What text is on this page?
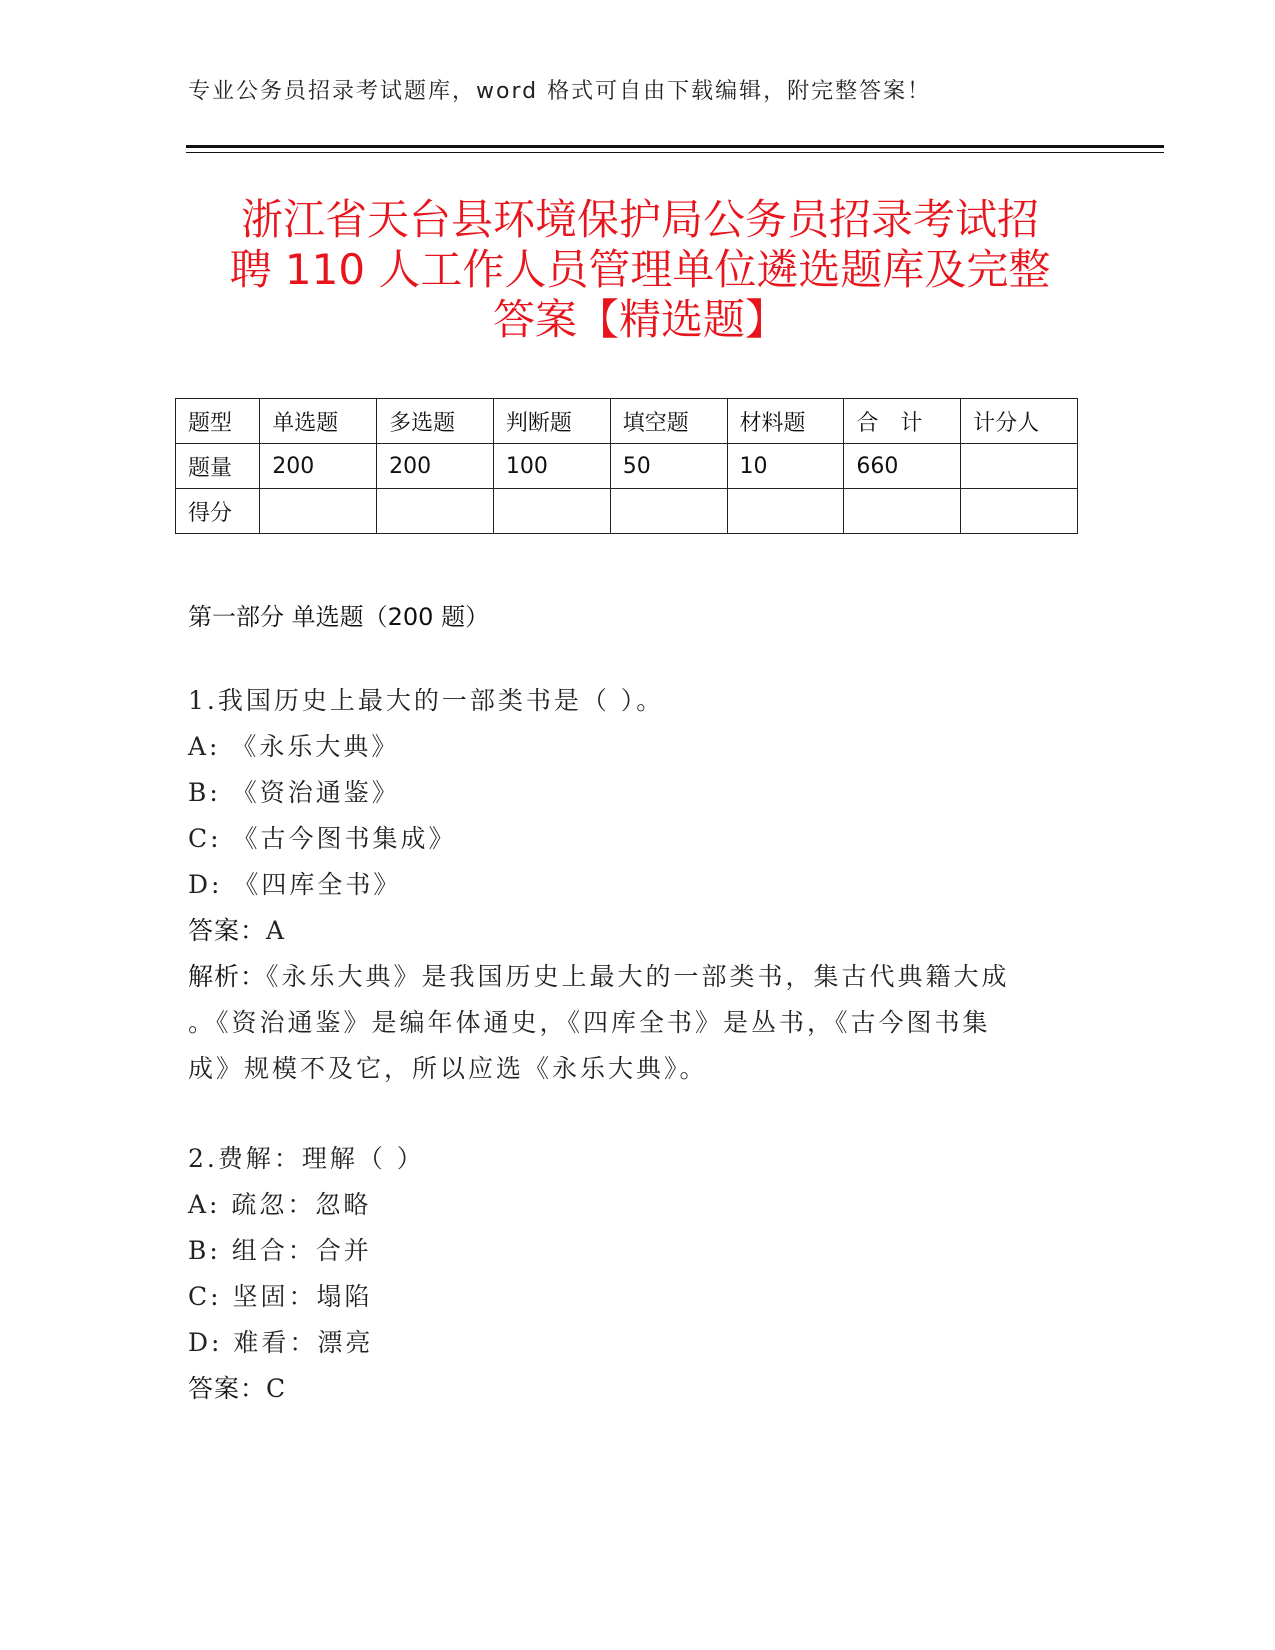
专业公务员招录考试题库，word 格式可自由下载编辑，附完整答案！
浙江省天台县环境保护局公务员招录考试招
聘 110 人工作人员管理单位遴选题库及完整
答案【精选题】
题型	单选题	多选题	判断题	填空题	材料题	合　计	计分人
题量	200	200	100	50	10	660	
得分							
第一部分 单选题（200 题）
1.我国历史上最大的一部类书是（ ）。
A: 《永乐大典》
B: 《资治通鉴》
C: 《古今图书集成》
D: 《四库全书》
答案：A
解析：《永乐大典》是我国历史上最大的一部类书，集古代典籍大成
。《资治通鉴》是编年体通史，《四库全书》是丛书，《古今图书集
成》规模不及它，所以应选《永乐大典》。
2.费解：理解（ ）
A: 疏忽：忽略
B: 组合：合并
C: 坚固：塌陷
D: 难看：漂亮
答案：C
